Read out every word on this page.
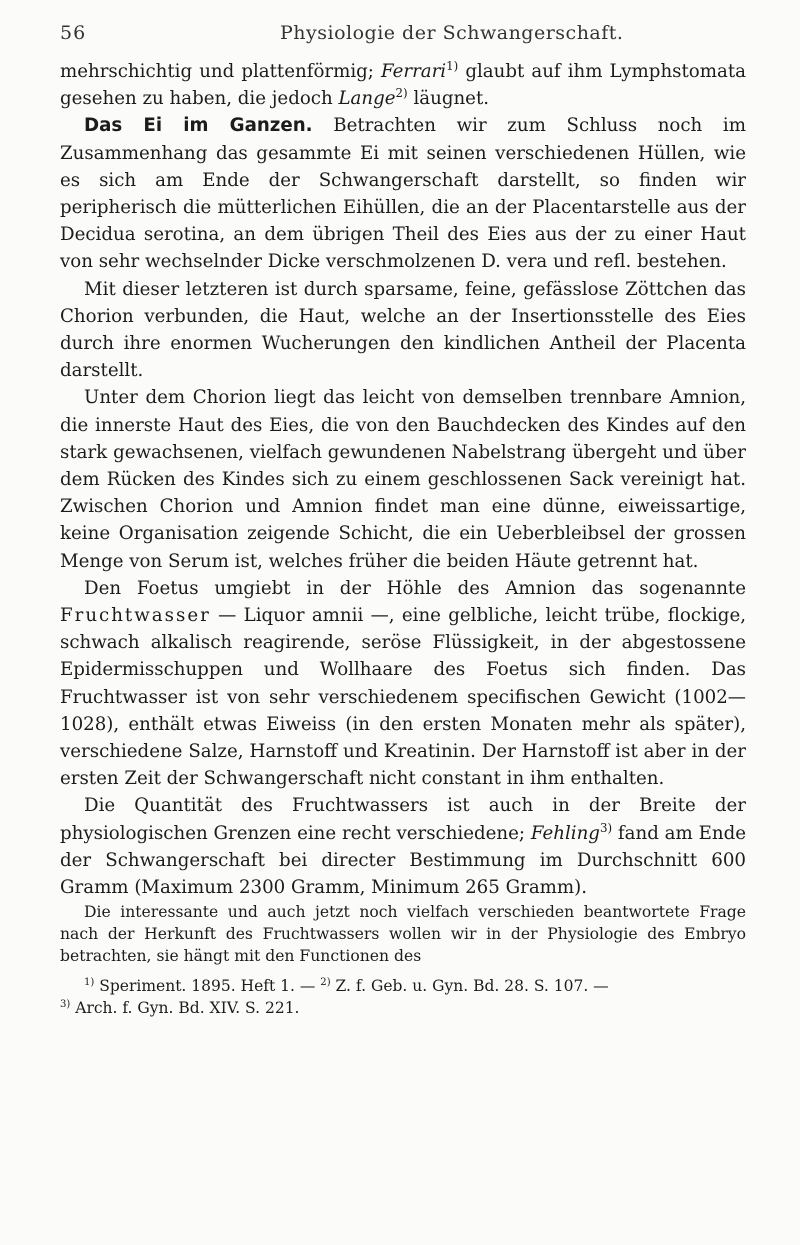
56	Physiologie der Schwangerschaft.

mehrschichtig und plattenförmig; Ferrari$^{1)}$ glaubt auf ihm Lymphstomata gesehen zu haben, die jedoch Lange$^{2)}$ läugnet.

Das Ei im Ganzen. Betrachten wir zum Schluss noch im Zusammenhang das gesammte Ei mit seinen verschiedenen Hüllen, wie es sich am Ende der Schwangerschaft darstellt, so finden wir peripherisch die mütterlichen Eihüllen, die an der Placentarstelle aus der Decidua serotina, an dem übrigen Theil des Eies aus der zu einer Haut von sehr wechselnder Dicke verschmolzenen D. vera und refl. bestehen.

Mit dieser letzteren ist durch sparsame, feine, gefässlose Zöttchen das Chorion verbunden, die Haut, welche an der Insertionsstelle des Eies durch ihre enormen Wucherungen den kindlichen Antheil der Placenta darstellt.

Unter dem Chorion liegt das leicht von demselben trennbare Amnion, die innerste Haut des Eies, die von den Bauchdecken des Kindes auf den stark gewachsenen, vielfach gewundenen Nabelstrang übergeht und über dem Rücken des Kindes sich zu einem geschlossenen Sack vereinigt hat. Zwischen Chorion und Amnion findet man eine dünne, eiweissartige, keine Organisation zeigende Schicht, die ein Ueberbleibsel der grossen Menge von Serum ist, welches früher die beiden Häute getrennt hat.

Den Foetus umgiebt in der Höhle des Amnion das sogenannte Fruchtwasser — Liquor amnii —, eine gelbliche, leicht trübe, flockige, schwach alkalisch reagirende, seröse Flüssigkeit, in der abgestossene Epidermisschuppen und Wollhaare des Foetus sich finden. Das Fruchtwasser ist von sehr verschiedenem specifischen Gewicht (1002—1028), enthält etwas Eiweiss (in den ersten Monaten mehr als später), verschiedene Salze, Harnstoff und Kreatinin. Der Harnstoff ist aber in der ersten Zeit der Schwangerschaft nicht constant in ihm enthalten.

Die Quantität des Fruchtwassers ist auch in der Breite der physiologischen Grenzen eine recht verschiedene; Fehling$^{3)}$ fand am Ende der Schwangerschaft bei directer Bestimmung im Durchschnitt 600 Gramm (Maximum 2300 Gramm, Minimum 265 Gramm).

Die interessante und auch jetzt noch vielfach verschieden beantwortete Frage nach der Herkunft des Fruchtwassers wollen wir in der Physiologie des Embryo betrachten, sie hängt mit den Functionen des

$^{1)}$ Speriment. 1895. Heft 1. — $^{2)}$ Z. f. Geb. u. Gyn. Bd. 28. S. 107. —
$^{3)}$ Arch. f. Gyn. Bd. XIV. S. 221.
